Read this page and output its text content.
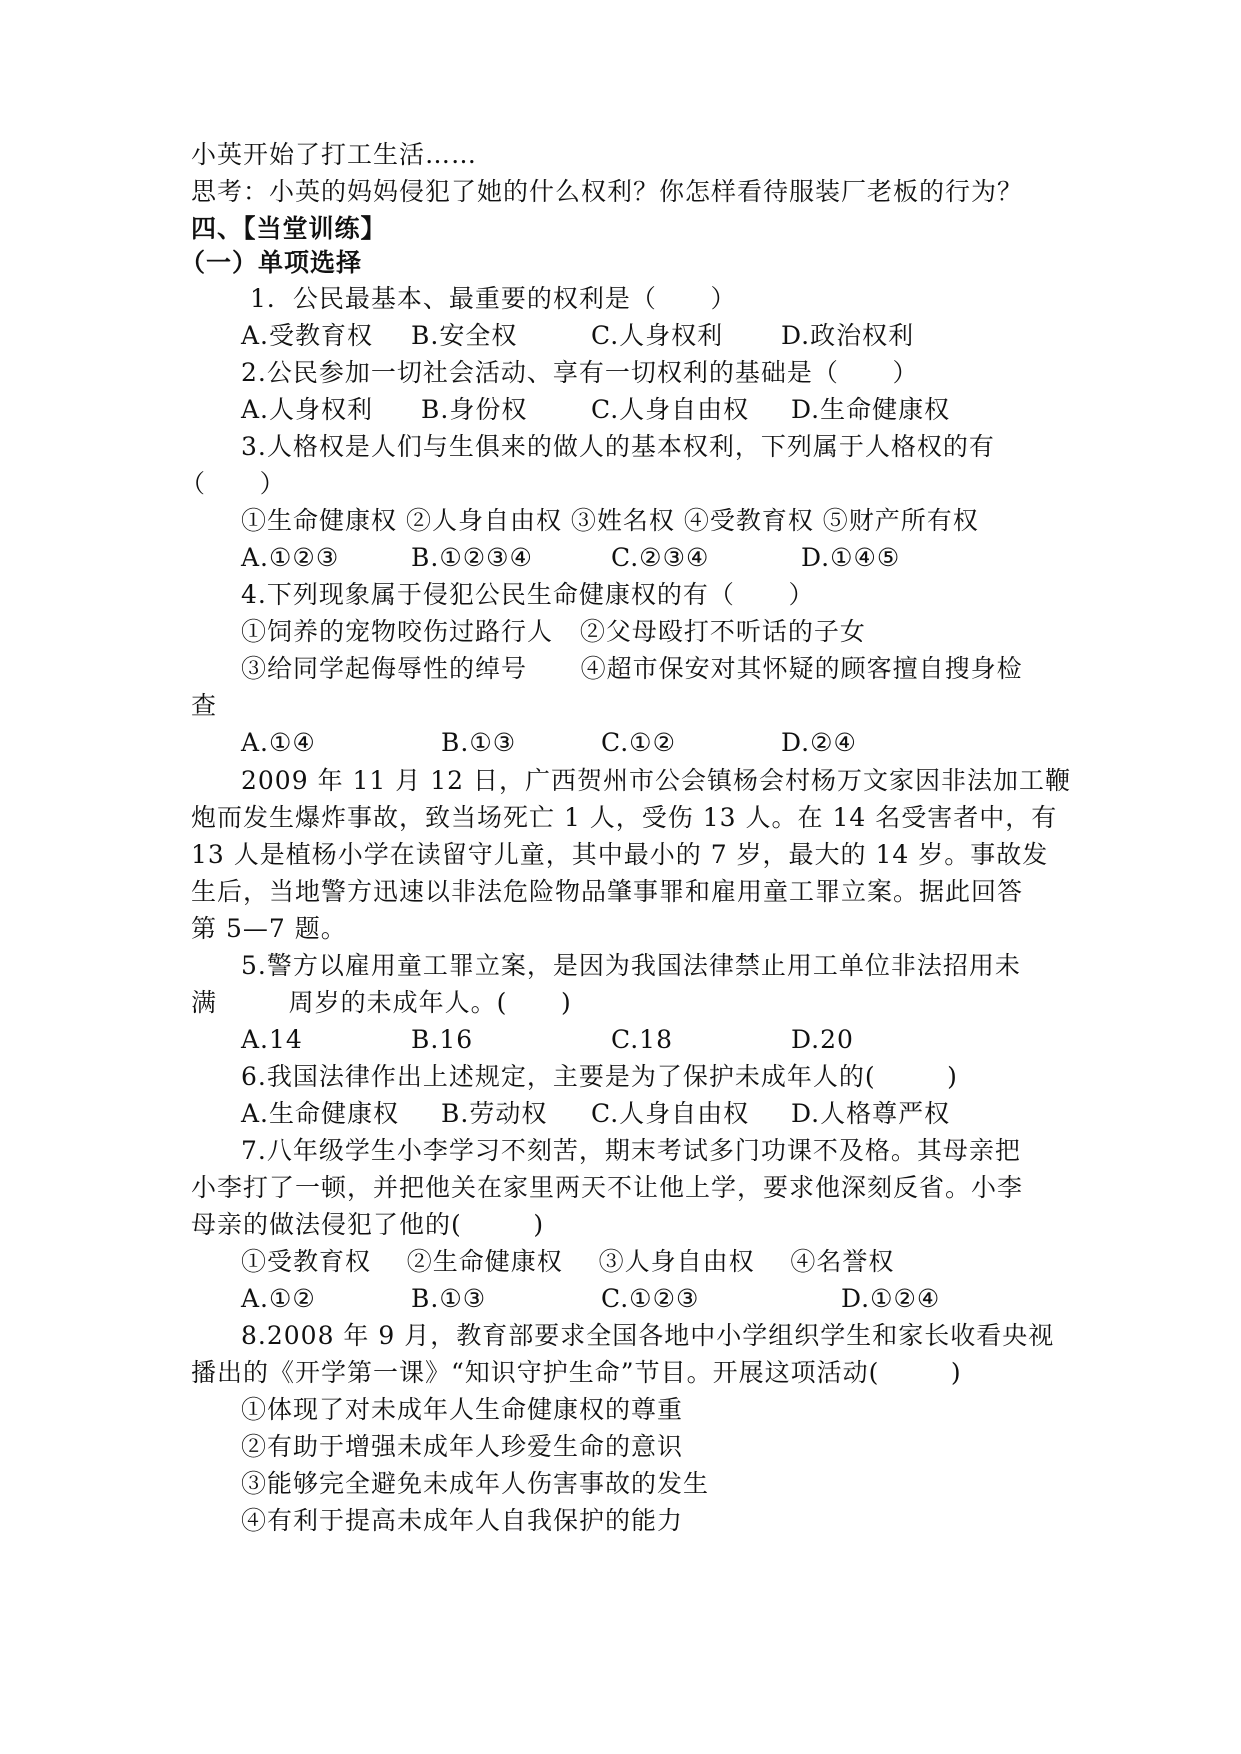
小英开始了打工生活……
思考：小英的妈妈侵犯了她的什么权利？你怎样看待服装厂老板的行为？
四、【当堂训练】
（一）单项选择
1．公民最基本、最重要的权利是（      ）
A.受教育权 B.安全权	C.人身权利 D.政治权利
2.公民参加一切社会活动、享有一切权利的基础是（      ）
A.人身权利 B.身份权	C.人身自由权 D.生命健康权
3.人格权是人们与生俱来的做人的基本权利，下列属于人格权的有
（      ）
①生命健康权 ②人身自由权 ③姓名权 ④受教育权 ⑤财产所有权
A.①②③	B.①②③④	C.②③④	D.①④⑤
4.下列现象属于侵犯公民生命健康权的有（      ）
①饲养的宠物咬伤过路行人   ②父母殴打不听话的子女
③给同学起侮辱性的绰号      ④超市保安对其怀疑的顾客擅自搜身检
查
A.①④	B.①③	C.①②	D.②④
2009 年 11 月 12 日，广西贺州市公会镇杨会村杨万文家因非法加工鞭
炮而发生爆炸事故，致当场死亡 1 人，受伤 13 人。在 14 名受害者中，有
13 人是植杨小学在读留守儿童，其中最小的 7 岁，最大的 14 岁。事故发
生后，当地警方迅速以非法危险物品肇事罪和雇用童工罪立案。据此回答
第 5—7 题。
5.警方以雇用童工罪立案，是因为我国法律禁止用工单位非法招用未
满        周岁的未成年人。(      )
A.14	B.16	C.18	D.20
6.我国法律作出上述规定，主要是为了保护未成年人的(        )
A.生命健康权 B.劳动权 C.人身自由权 D.人格尊严权
7.八年级学生小李学习不刻苦，期末考试多门功课不及格。其母亲把
小李打了一顿，并把他关在家里两天不让他上学，要求他深刻反省。小李
母亲的做法侵犯了他的(        )
①受教育权    ②生命健康权    ③人身自由权    ④名誉权
A.①②	B.①③	C.①②③	D.①②④
8.2008 年 9 月，教育部要求全国各地中小学组织学生和家长收看央视
播出的《开学第一课》“知识守护生命”节目。开展这项活动(        )
①体现了对未成年人生命健康权的尊重
②有助于增强未成年人珍爱生命的意识
③能够完全避免未成年人伤害事故的发生
④有利于提高未成年人自我保护的能力
